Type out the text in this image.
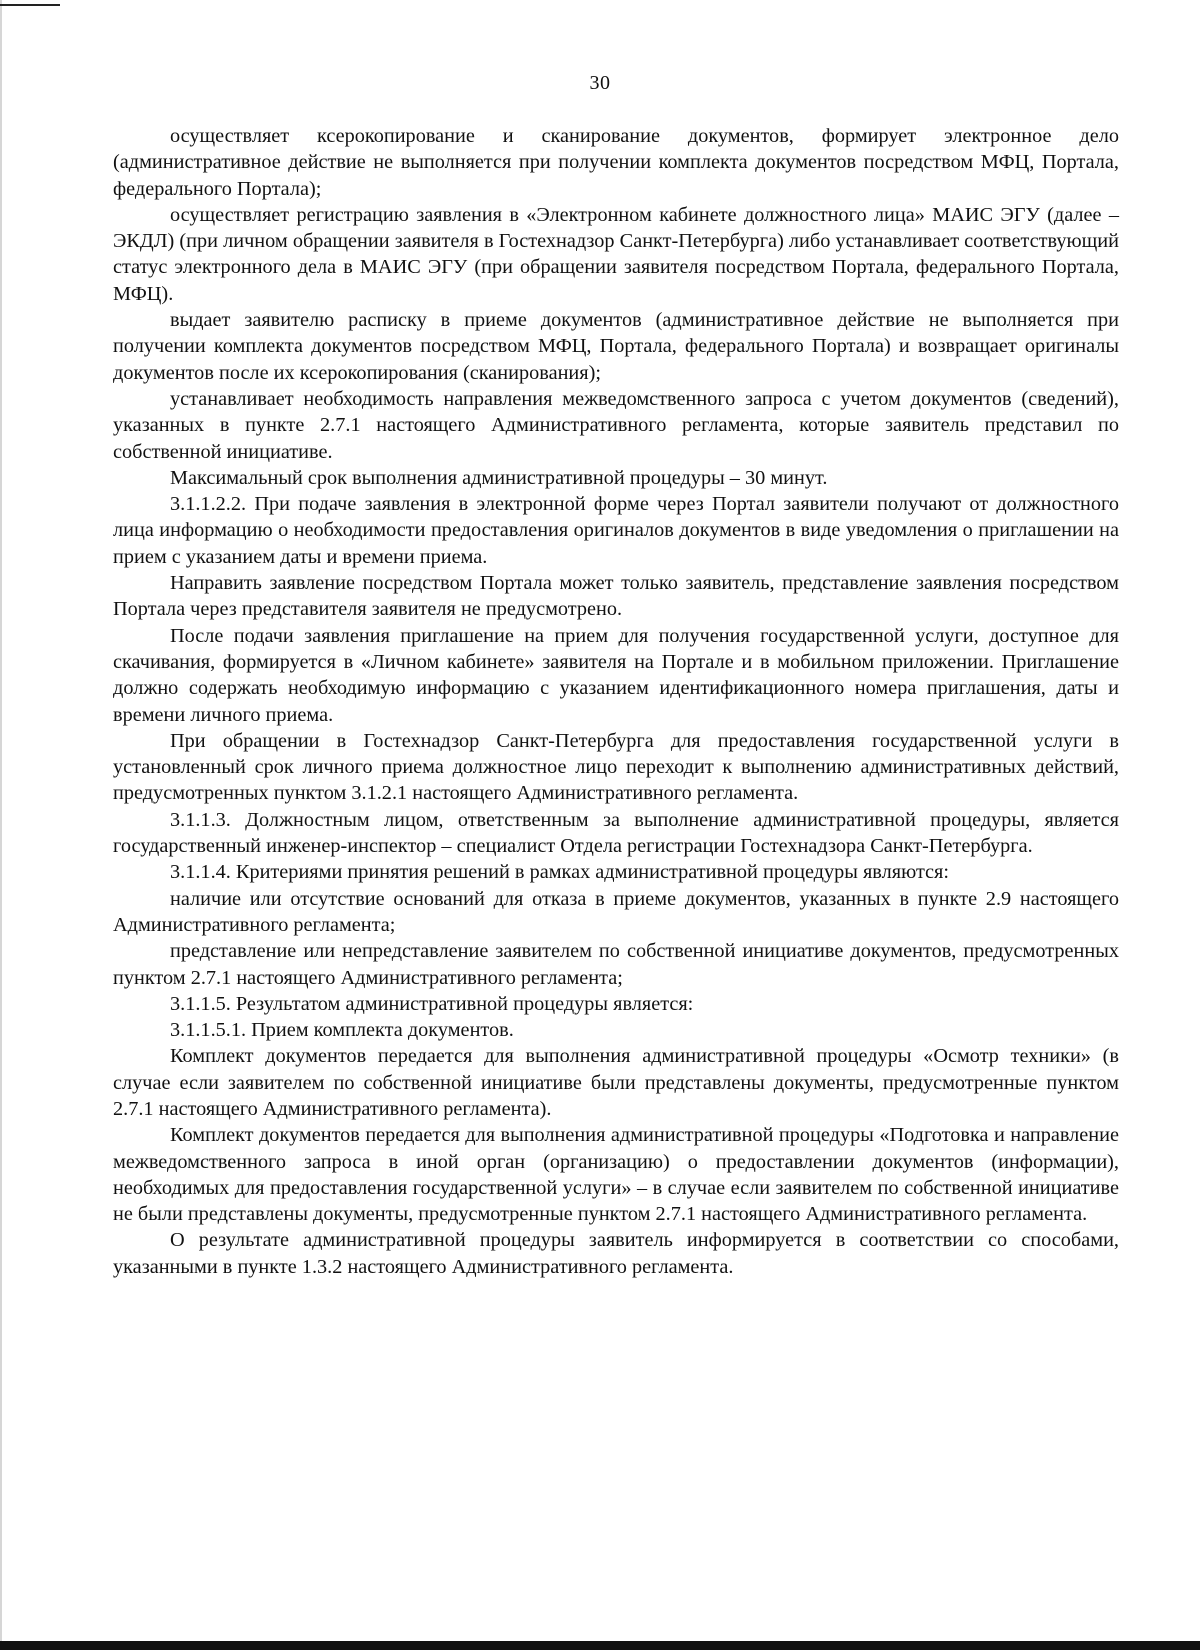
30

осуществляет ксерокопирование и сканирование документов, формирует электронное дело (административное действие не выполняется при получении комплекта документов посредством МФЦ, Портала, федерального Портала);

осуществляет регистрацию заявления в «Электронном кабинете должностного лица» МАИС ЭГУ (далее – ЭКДЛ) (при личном обращении заявителя в Гостехнадзор Санкт-Петербурга) либо устанавливает соответствующий статус электронного дела в МАИС ЭГУ (при обращении заявителя посредством Портала, федерального Портала, МФЦ).

выдает заявителю расписку в приеме документов (административное действие не выполняется при получении комплекта документов посредством МФЦ, Портала, федерального Портала) и возвращает оригиналы документов после их ксерокопирования (сканирования);

устанавливает необходимость направления межведомственного запроса с учетом документов (сведений), указанных в пункте 2.7.1 настоящего Административного регламента, которые заявитель представил по собственной инициативе.

Максимальный срок выполнения административной процедуры – 30 минут.

3.1.1.2.2. При подаче заявления в электронной форме через Портал заявители получают от должностного лица информацию о необходимости предоставления оригиналов документов в виде уведомления о приглашении на прием с указанием даты и времени приема.

Направить заявление посредством Портала может только заявитель, представление заявления посредством Портала через представителя заявителя не предусмотрено.

После подачи заявления приглашение на прием для получения государственной услуги, доступное для скачивания, формируется в «Личном кабинете» заявителя на Портале и в мобильном приложении. Приглашение должно содержать необходимую информацию с указанием идентификационного номера приглашения, даты и времени личного приема.

При обращении в Гостехнадзор Санкт-Петербурга для предоставления государственной услуги в установленный срок личного приема должностное лицо переходит к выполнению административных действий, предусмотренных пунктом 3.1.2.1 настоящего Административного регламента.

3.1.1.3. Должностным лицом, ответственным за выполнение административной процедуры, является государственный инженер-инспектор – специалист Отдела регистрации Гостехнадзора Санкт-Петербурга.

3.1.1.4. Критериями принятия решений в рамках административной процедуры являются:

наличие или отсутствие оснований для отказа в приеме документов, указанных в пункте 2.9 настоящего Административного регламента;

представление или непредставление заявителем по собственной инициативе документов, предусмотренных пунктом 2.7.1 настоящего Административного регламента;

3.1.1.5. Результатом административной процедуры является:

3.1.1.5.1. Прием комплекта документов.

Комплект документов передается для выполнения административной процедуры «Осмотр техники» (в случае если заявителем по собственной инициативе были представлены документы, предусмотренные пунктом 2.7.1 настоящего Административного регламента).

Комплект документов передается для выполнения административной процедуры «Подготовка и направление межведомственного запроса в иной орган (организацию) о предоставлении документов (информации), необходимых для предоставления государственной услуги» – в случае если заявителем по собственной инициативе не были представлены документы, предусмотренные пунктом 2.7.1 настоящего Административного регламента.

О результате административной процедуры заявитель информируется в соответствии со способами, указанными в пункте 1.3.2 настоящего Административного регламента.
